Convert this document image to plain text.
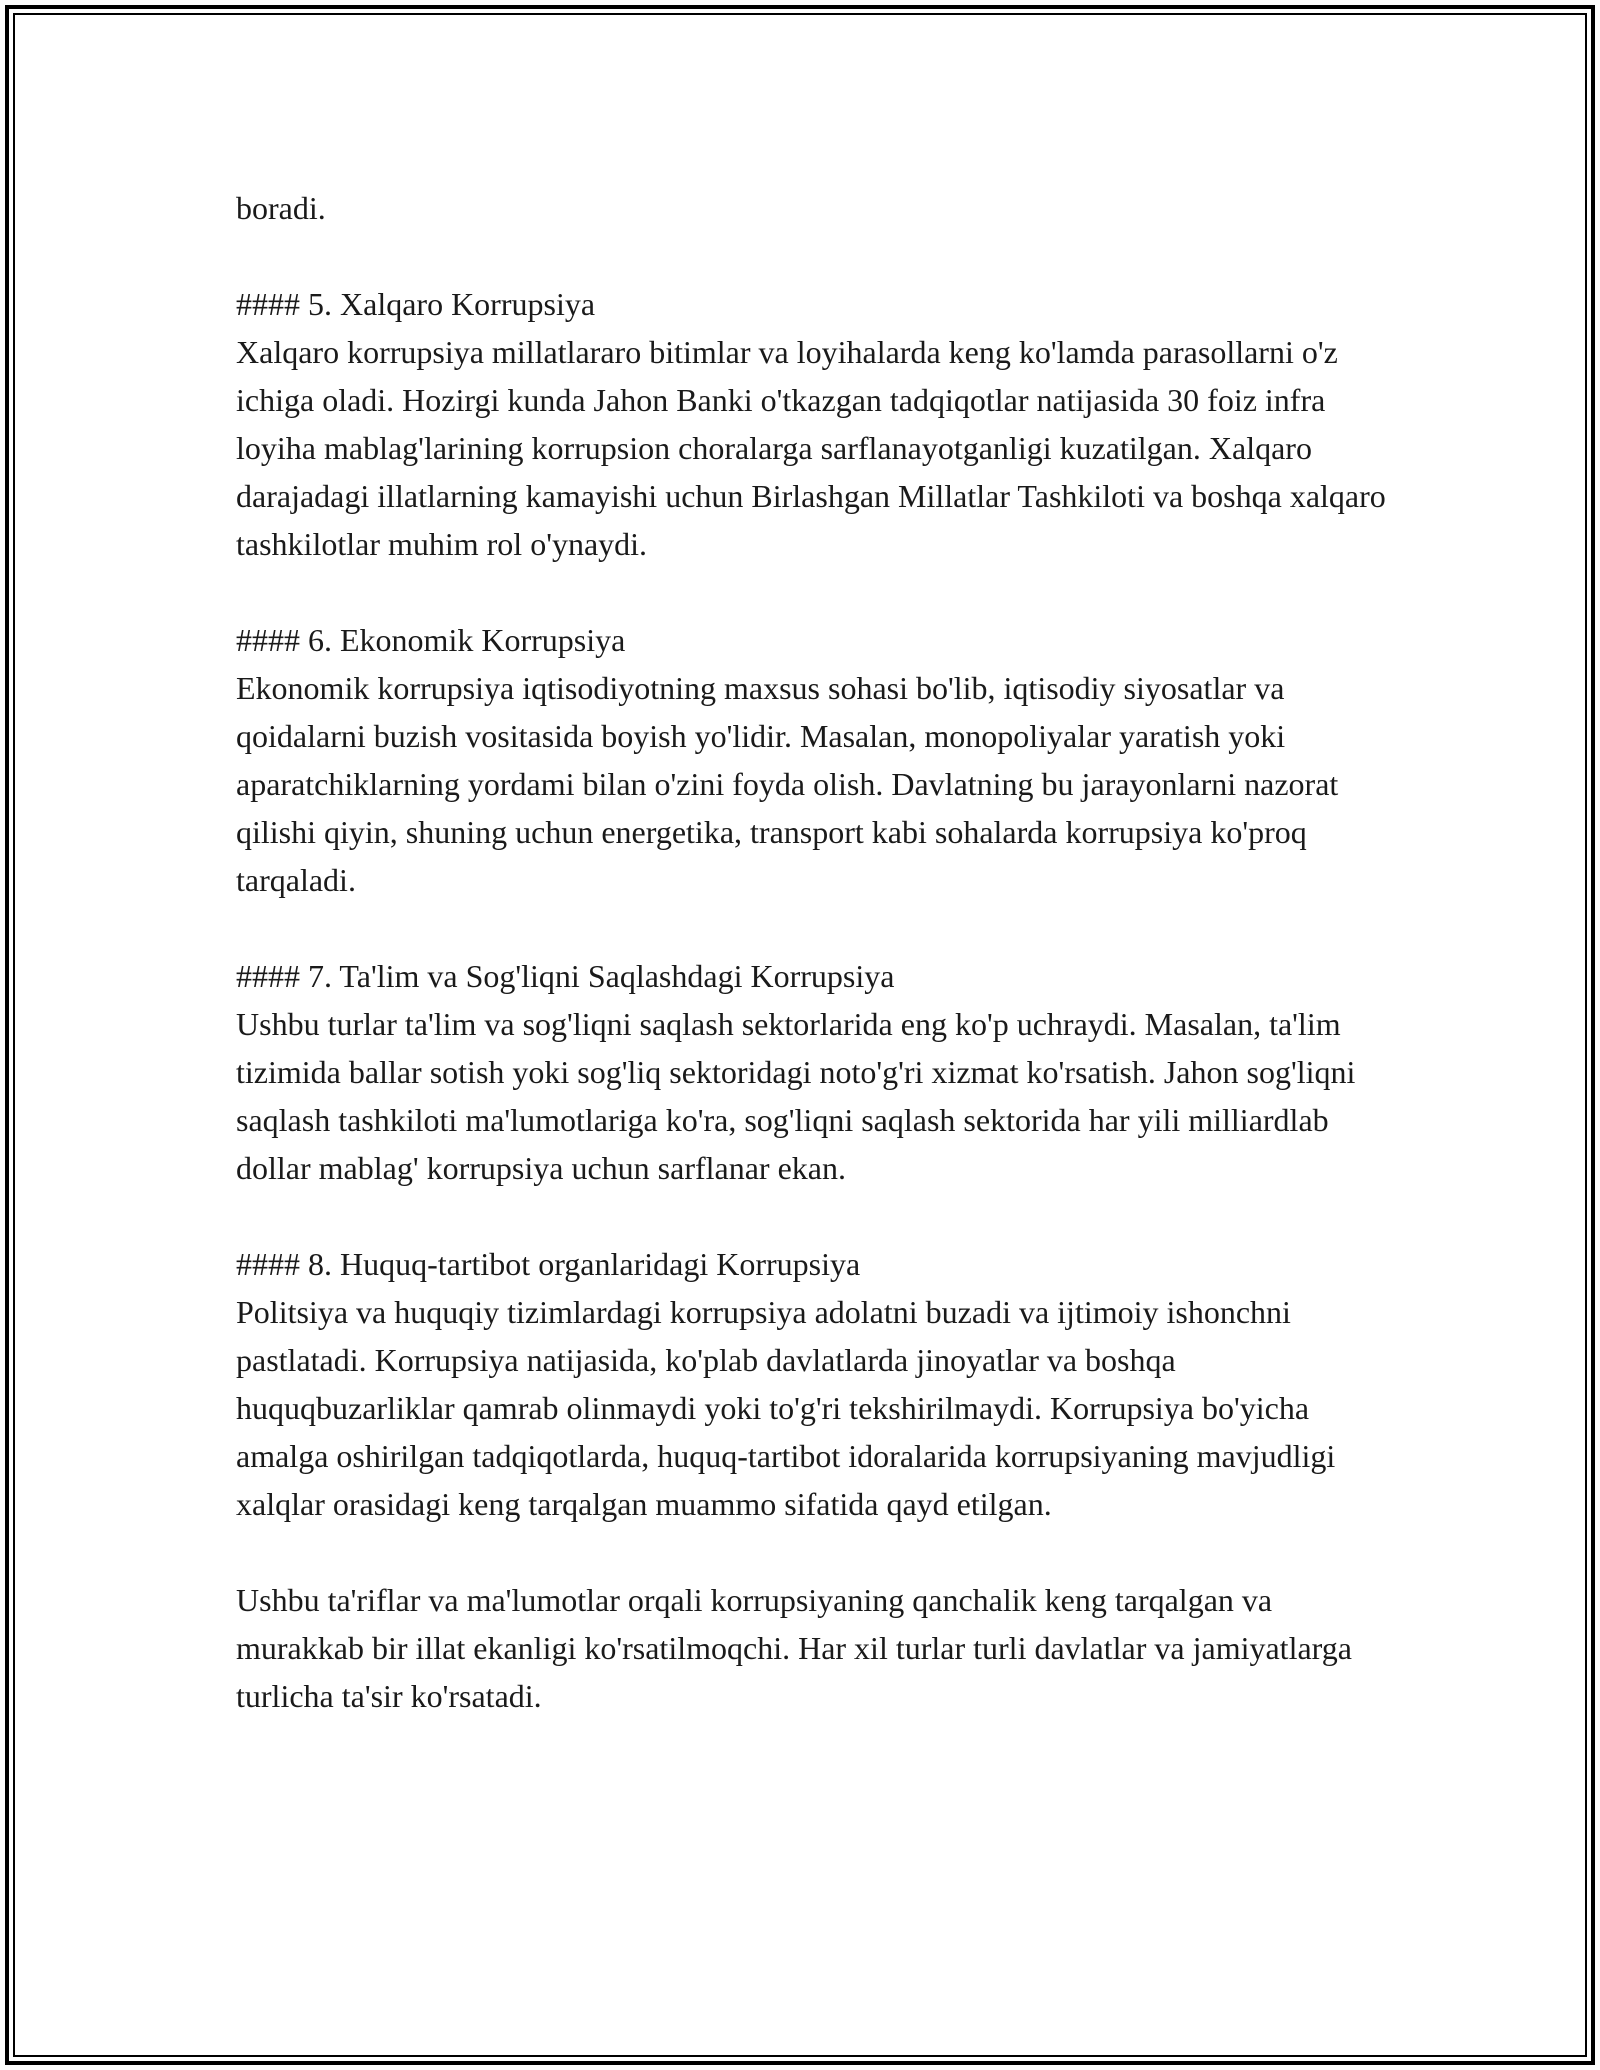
boradi.

#### 5. Xalqaro Korrupsiya

Xalqaro korrupsiya millatlararo bitimlar va loyihalarda keng ko'lamda parasollarni o'z ichiga oladi. Hozirgi kunda Jahon Banki o'tkazgan tadqiqotlar natijasida 30 foiz infra loyiha mablag'larining korrupsion choralarga sarflanayotganligi kuzatilgan. Xalqaro darajadagi illatlarning kamayishi uchun Birlashgan Millatlar Tashkiloti va boshqa xalqaro tashkilotlar muhim rol o'ynaydi.

#### 6. Ekonomik Korrupsiya

Ekonomik korrupsiya iqtisodiyotning maxsus sohasi bo'lib, iqtisodiy siyosatlar va qoidalarni buzish vositasida boyish yo'lidir. Masalan, monopoliyalar yaratish yoki aparatchiklarning yordami bilan o'zini foyda olish. Davlatning bu jarayonlarni nazorat qilishi qiyin, shuning uchun energetika, transport kabi sohalarda korrupsiya ko'proq tarqaladi.

#### 7. Ta'lim va Sog'liqni Saqlashdagi Korrupsiya

Ushbu turlar ta'lim va sog'liqni saqlash sektorlarida eng ko'p uchraydi. Masalan, ta'lim tizimida ballar sotish yoki sog'liq sektoridagi noto'g'ri xizmat ko'rsatish. Jahon sog'liqni saqlash tashkiloti ma'lumotlariga ko'ra, sog'liqni saqlash sektorida har yili milliardlab dollar mablag' korrupsiya uchun sarflanar ekan.

#### 8. Huquq-tartibot organlaridagi Korrupsiya

Politsiya va huquqiy tizimlardagi korrupsiya adolatni buzadi va ijtimoiy ishonchni pastlatadi. Korrupsiya natijasida, ko'plab davlatlarda jinoyatlar va boshqa huquqbuzarliklar qamrab olinmaydi yoki to'g'ri tekshirilmaydi. Korrupsiya bo'yicha amalga oshirilgan tadqiqotlarda, huquq-tartibot idoralarida korrupsiyaning mavjudligi xalqlar orasidagi keng tarqalgan muammo sifatida qayd etilgan.

Ushbu ta'riflar va ma'lumotlar orqali korrupsiyaning qanchalik keng tarqalgan va murakkab bir illat ekanligi ko'rsatilmoqchi. Har xil turlar turli davlatlar va jamiyatlarga turlicha ta'sir ko'rsatadi.
